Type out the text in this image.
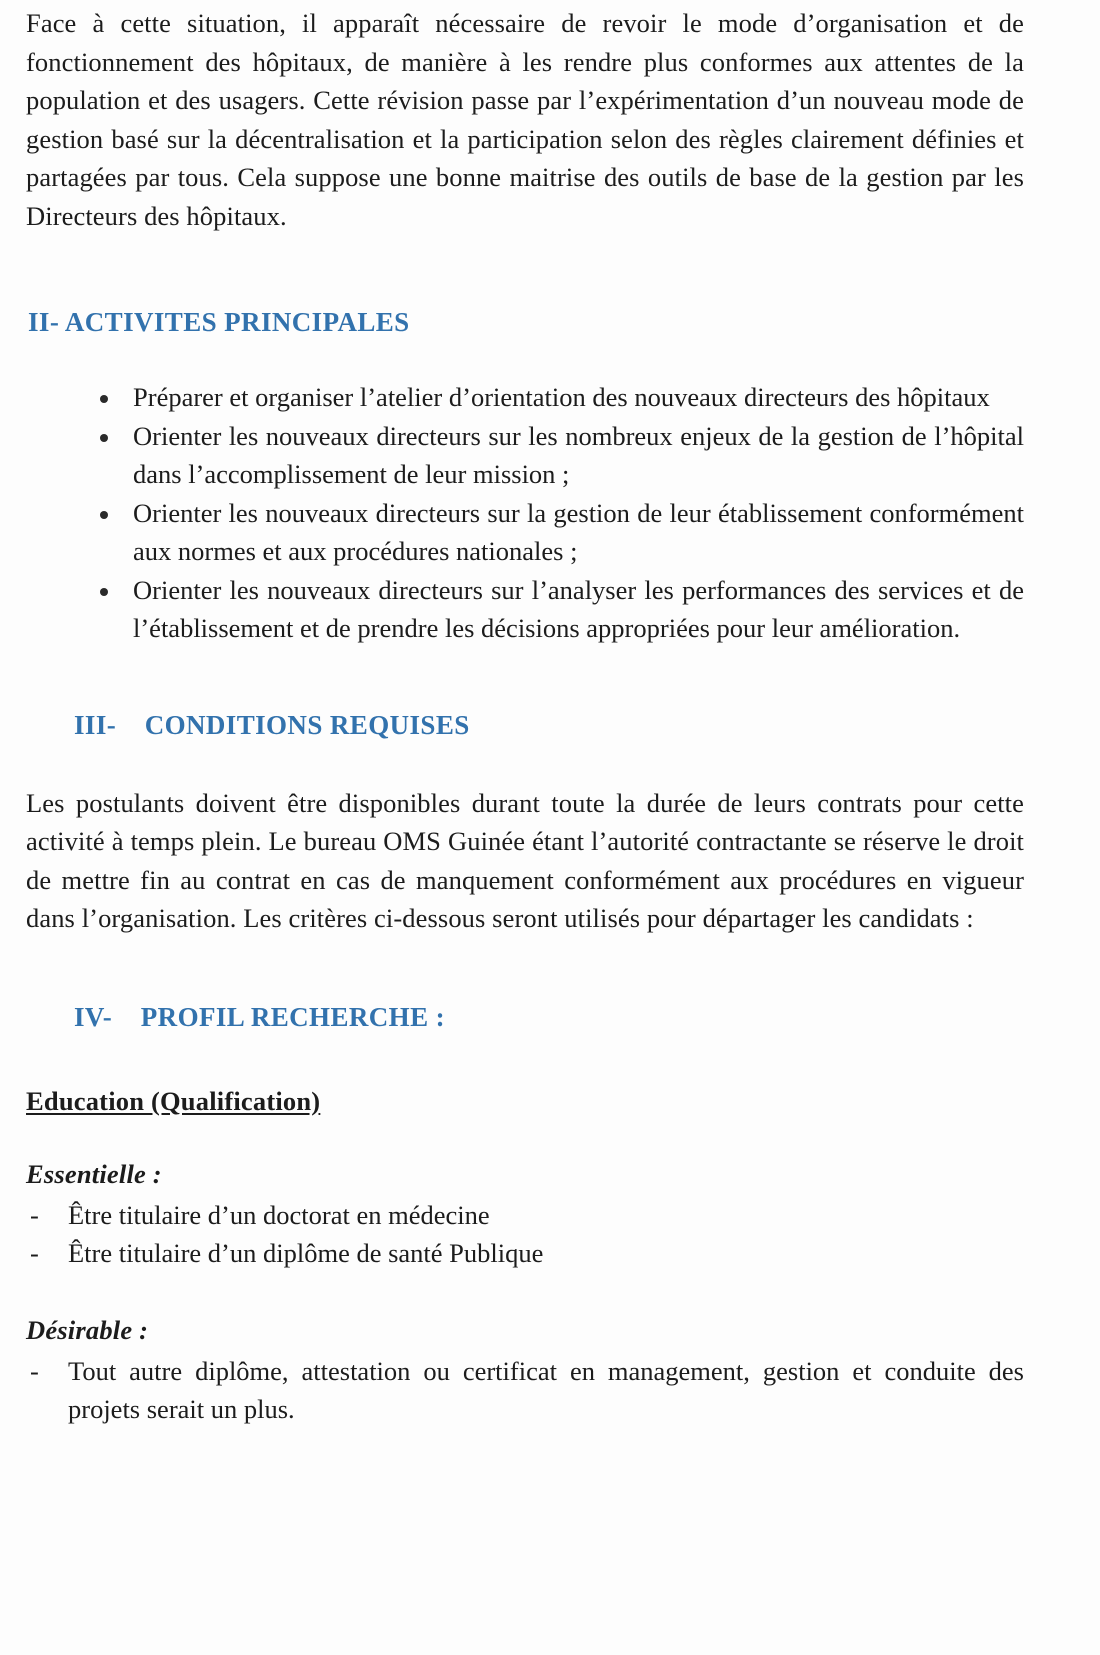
Face à cette situation, il apparaît nécessaire de revoir le mode d’organisation et de fonctionnement des hôpitaux, de manière à les rendre plus conformes aux attentes de la population et des usagers. Cette révision passe par l’expérimentation d’un nouveau mode de gestion basé sur la décentralisation et la participation selon des règles clairement définies et partagées par tous. Cela suppose une bonne maitrise des outils de base de la gestion par les Directeurs des hôpitaux.

II- ACTIVITES PRINCIPALES
Préparer et organiser l’atelier d’orientation des nouveaux directeurs des hôpitaux
Orienter les nouveaux directeurs sur les nombreux enjeux de la gestion de l’hôpital dans l’accomplissement de leur mission ;
Orienter les nouveaux directeurs sur la gestion de leur établissement conformément aux normes et aux procédures nationales ;
Orienter les nouveaux directeurs sur l’analyser les performances des services et de l’établissement et de prendre les décisions appropriées pour leur amélioration.
III-    CONDITIONS REQUISES

Les postulants doivent être disponibles durant toute la durée de leurs contrats pour cette activité à temps plein. Le bureau OMS Guinée étant l’autorité contractante se réserve le droit de mettre fin au contrat en cas de manquement conformément aux procédures en vigueur dans l’organisation. Les critères ci-dessous seront utilisés pour départager les candidats :

IV-    PROFIL RECHERCHE :
Education (Qualification)
Essentielle :
- Être titulaire d’un doctorat en médecine
- Être titulaire d’un diplôme de santé Publique
Désirable :
- Tout autre diplôme, attestation ou certificat en management, gestion et conduite des projets serait un plus.
